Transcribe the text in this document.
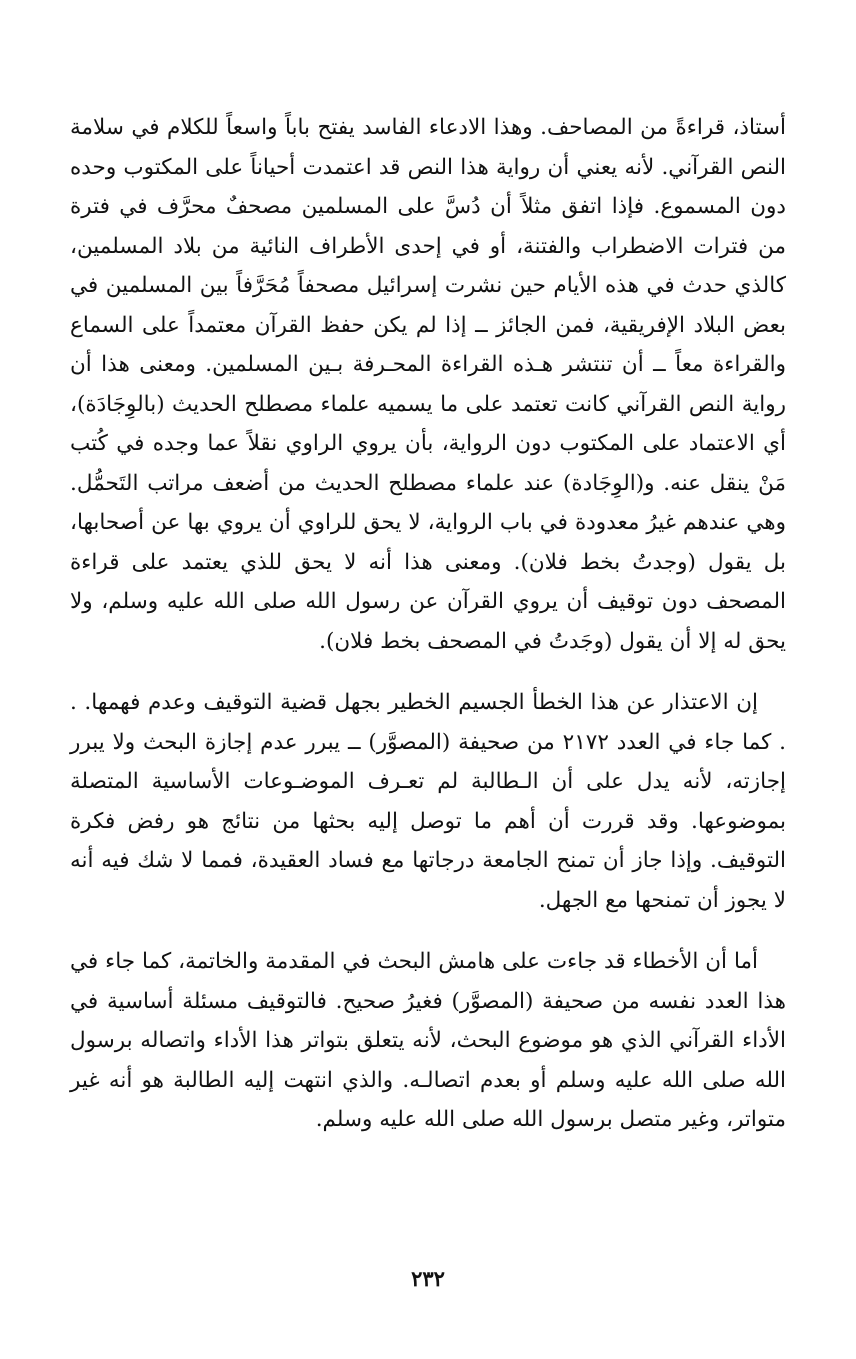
أستاذ، قراءةً من المصاحف. وهذا الادعاء الفاسد يفتح باباً واسعاً للكلام في سلامة النص القرآني. لأنه يعني أن رواية هذا النص قد اعتمدت أحياناً على المكتوب وحده دون المسموع. فإذا اتفق مثلاً أن دُسَّ على المسلمين مصحفٌ محرَّف في فترة من فترات الاضطراب والفتنة، أو في إحدى الأطراف النائية من بلاد المسلمين، كالذي حدث في هذه الأيام حين نشرت إسرائيل مصحفاً مُحَرَّفاً بين المسلمين في بعض البلاد الإفريقية، فمن الجائز ــ إذا لم يكن حفظ القرآن معتمداً على السماع والقراءة معاً ــ أن تنتشر هـذه القراءة المحـرفة بـين المسلمين. ومعنى هذا أن رواية النص القرآني كانت تعتمد على ما يسميه علماء مصطلح الحديث (بالوِجَادَة)، أي الاعتماد على المكتوب دون الرواية، بأن يروي الراوي نقلاً عما وجده في كُتب مَنْ ينقل عنه. و(الوِجَادة) عند علماء مصطلح الحديث من أضعف مراتب التَحمُّل. وهي عندهم غيرُ معدودة في باب الرواية، لا يحق للراوي أن يروي بها عن أصحابها، بل يقول (وجدتُ بخط فلان). ومعنى هذا أنه لا يحق للذي يعتمد على قراءة المصحف دون توقيف أن يروي القرآن عن رسول الله صلى الله عليه وسلم، ولا يحق له إلا أن يقول (وجَدتُ في المصحف بخط فلان).

إن الاعتذار عن هذا الخطأ الجسيم الخطير بجهل قضية التوقيف وعدم فهمها. . . كما جاء في العدد ٢١٧٢ من صحيفة (المصوَّر) ــ يبرر عدم إجازة البحث ولا يبرر إجازته، لأنه يدل على أن الـطالبة لم تعـرف الموضـوعات الأساسية المتصلة بموضوعها. وقد قررت أن أهم ما توصل إليه بحثها من نتائج هو رفض فكرة التوقيف. وإذا جاز أن تمنح الجامعة درجاتها مع فساد العقيدة، فمما لا شك فيه أنه لا يجوز أن تمنحها مع الجهل.

أما أن الأخطاء قد جاءت على هامش البحث في المقدمة والخاتمة، كما جاء في هذا العدد نفسه من صحيفة (المصوَّر) فغيرُ صحيح. فالتوقيف مسئلة أساسية في الأداء القرآني الذي هو موضوع البحث، لأنه يتعلق بتواتر هذا الأداء واتصاله برسول الله صلى الله عليه وسلم أو بعدم اتصالـه. والذي انتهت إليه الطالبة هو أنه غير متواتر، وغير متصل برسول الله صلى الله عليه وسلم.

٢٣٢
